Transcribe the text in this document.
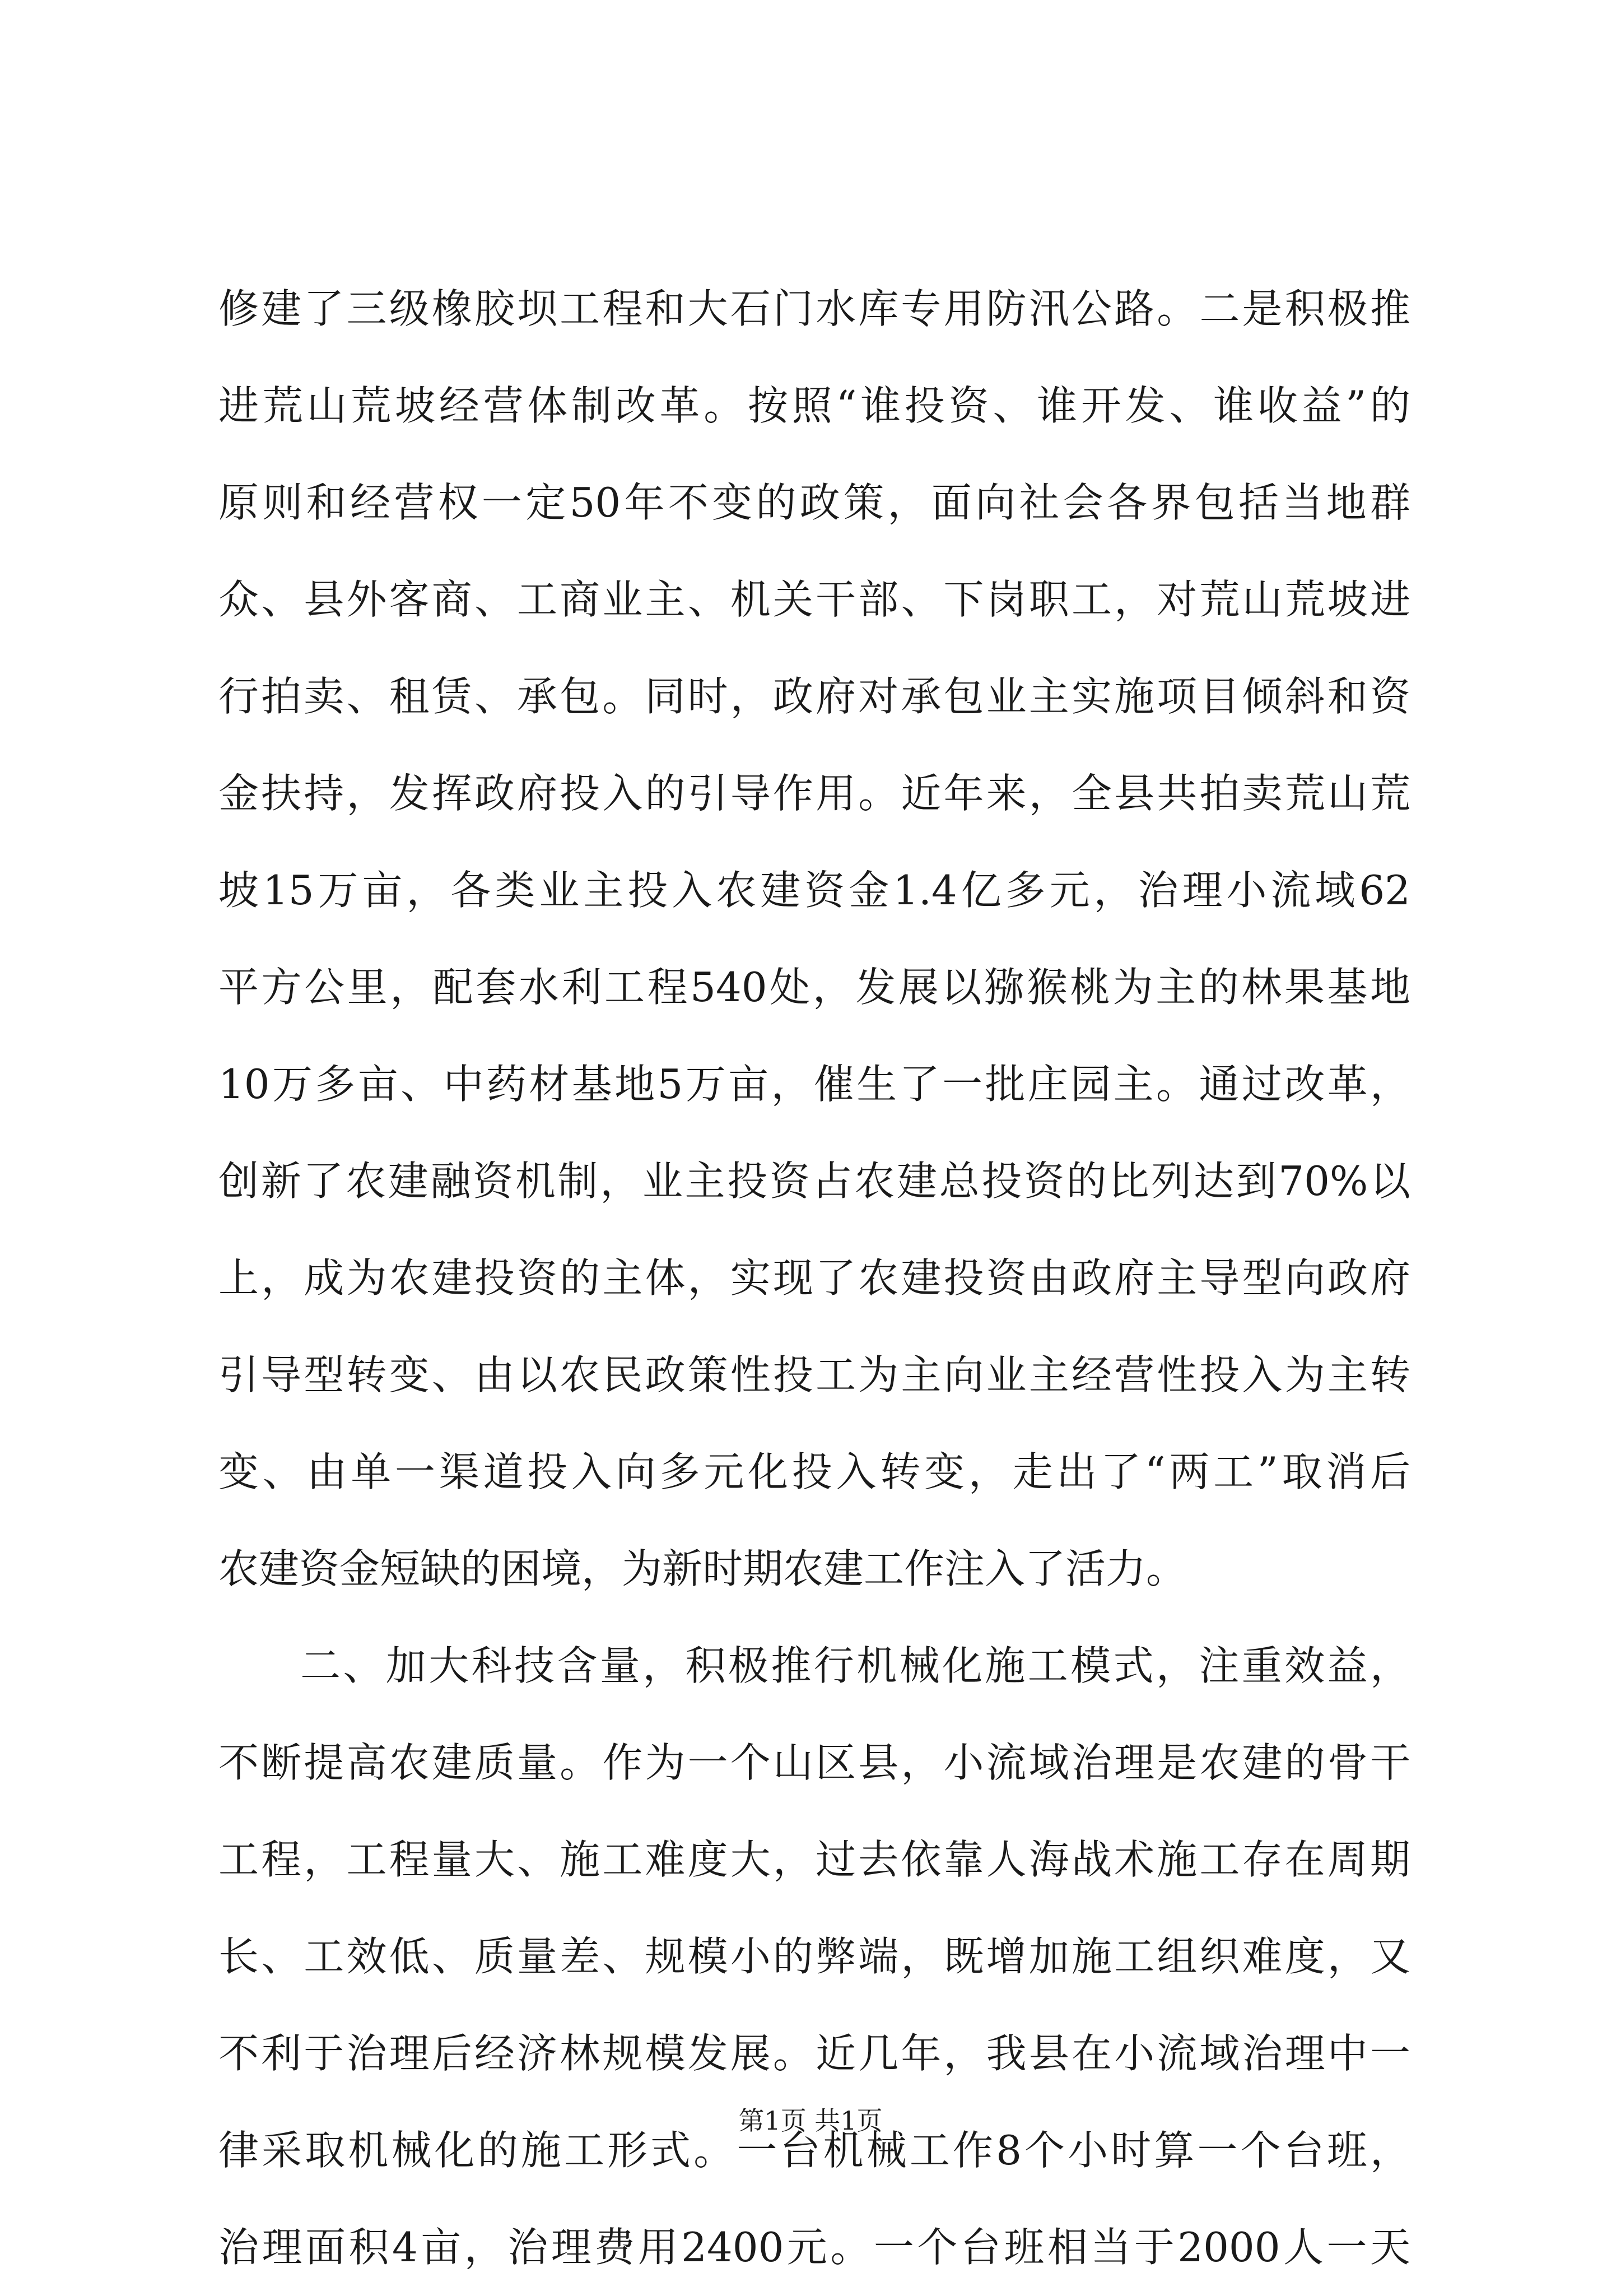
修建了三级橡胶坝工程和大石门水库专用防汛公路。二是积极推
进荒山荒坡经营体制改革。按照“谁投资、谁开发、谁收益”的
原则和经营权一定50年不变的政策，面向社会各界包括当地群
众、县外客商、工商业主、机关干部、下岗职工，对荒山荒坡进
行拍卖、租赁、承包。同时，政府对承包业主实施项目倾斜和资
金扶持，发挥政府投入的引导作用。近年来，全县共拍卖荒山荒
坡15万亩，各类业主投入农建资金1.4亿多元，治理小流域62
平方公里，配套水利工程540处，发展以猕猴桃为主的林果基地
10万多亩、中药材基地5万亩，催生了一批庄园主。通过改革，
创新了农建融资机制，业主投资占农建总投资的比列达到70%以
上，成为农建投资的主体，实现了农建投资由政府主导型向政府
引导型转变、由以农民政策性投工为主向业主经营性投入为主转
变、由单一渠道投入向多元化投入转变，走出了“两工”取消后
农建资金短缺的困境，为新时期农建工作注入了活力。
二、加大科技含量，积极推行机械化施工模式，注重效益，
不断提高农建质量。作为一个山区县，小流域治理是农建的骨干
工程，工程量大、施工难度大，过去依靠人海战术施工存在周期
长、工效低、质量差、规模小的弊端，既增加施工组织难度，又
不利于治理后经济林规模发展。近几年，我县在小流域治理中一
律采取机械化的施工形式。一台机械工作8个小时算一个台班，
治理面积4亩，治理费用2400元。一个台班相当于2000人一天
第1页 共1页
